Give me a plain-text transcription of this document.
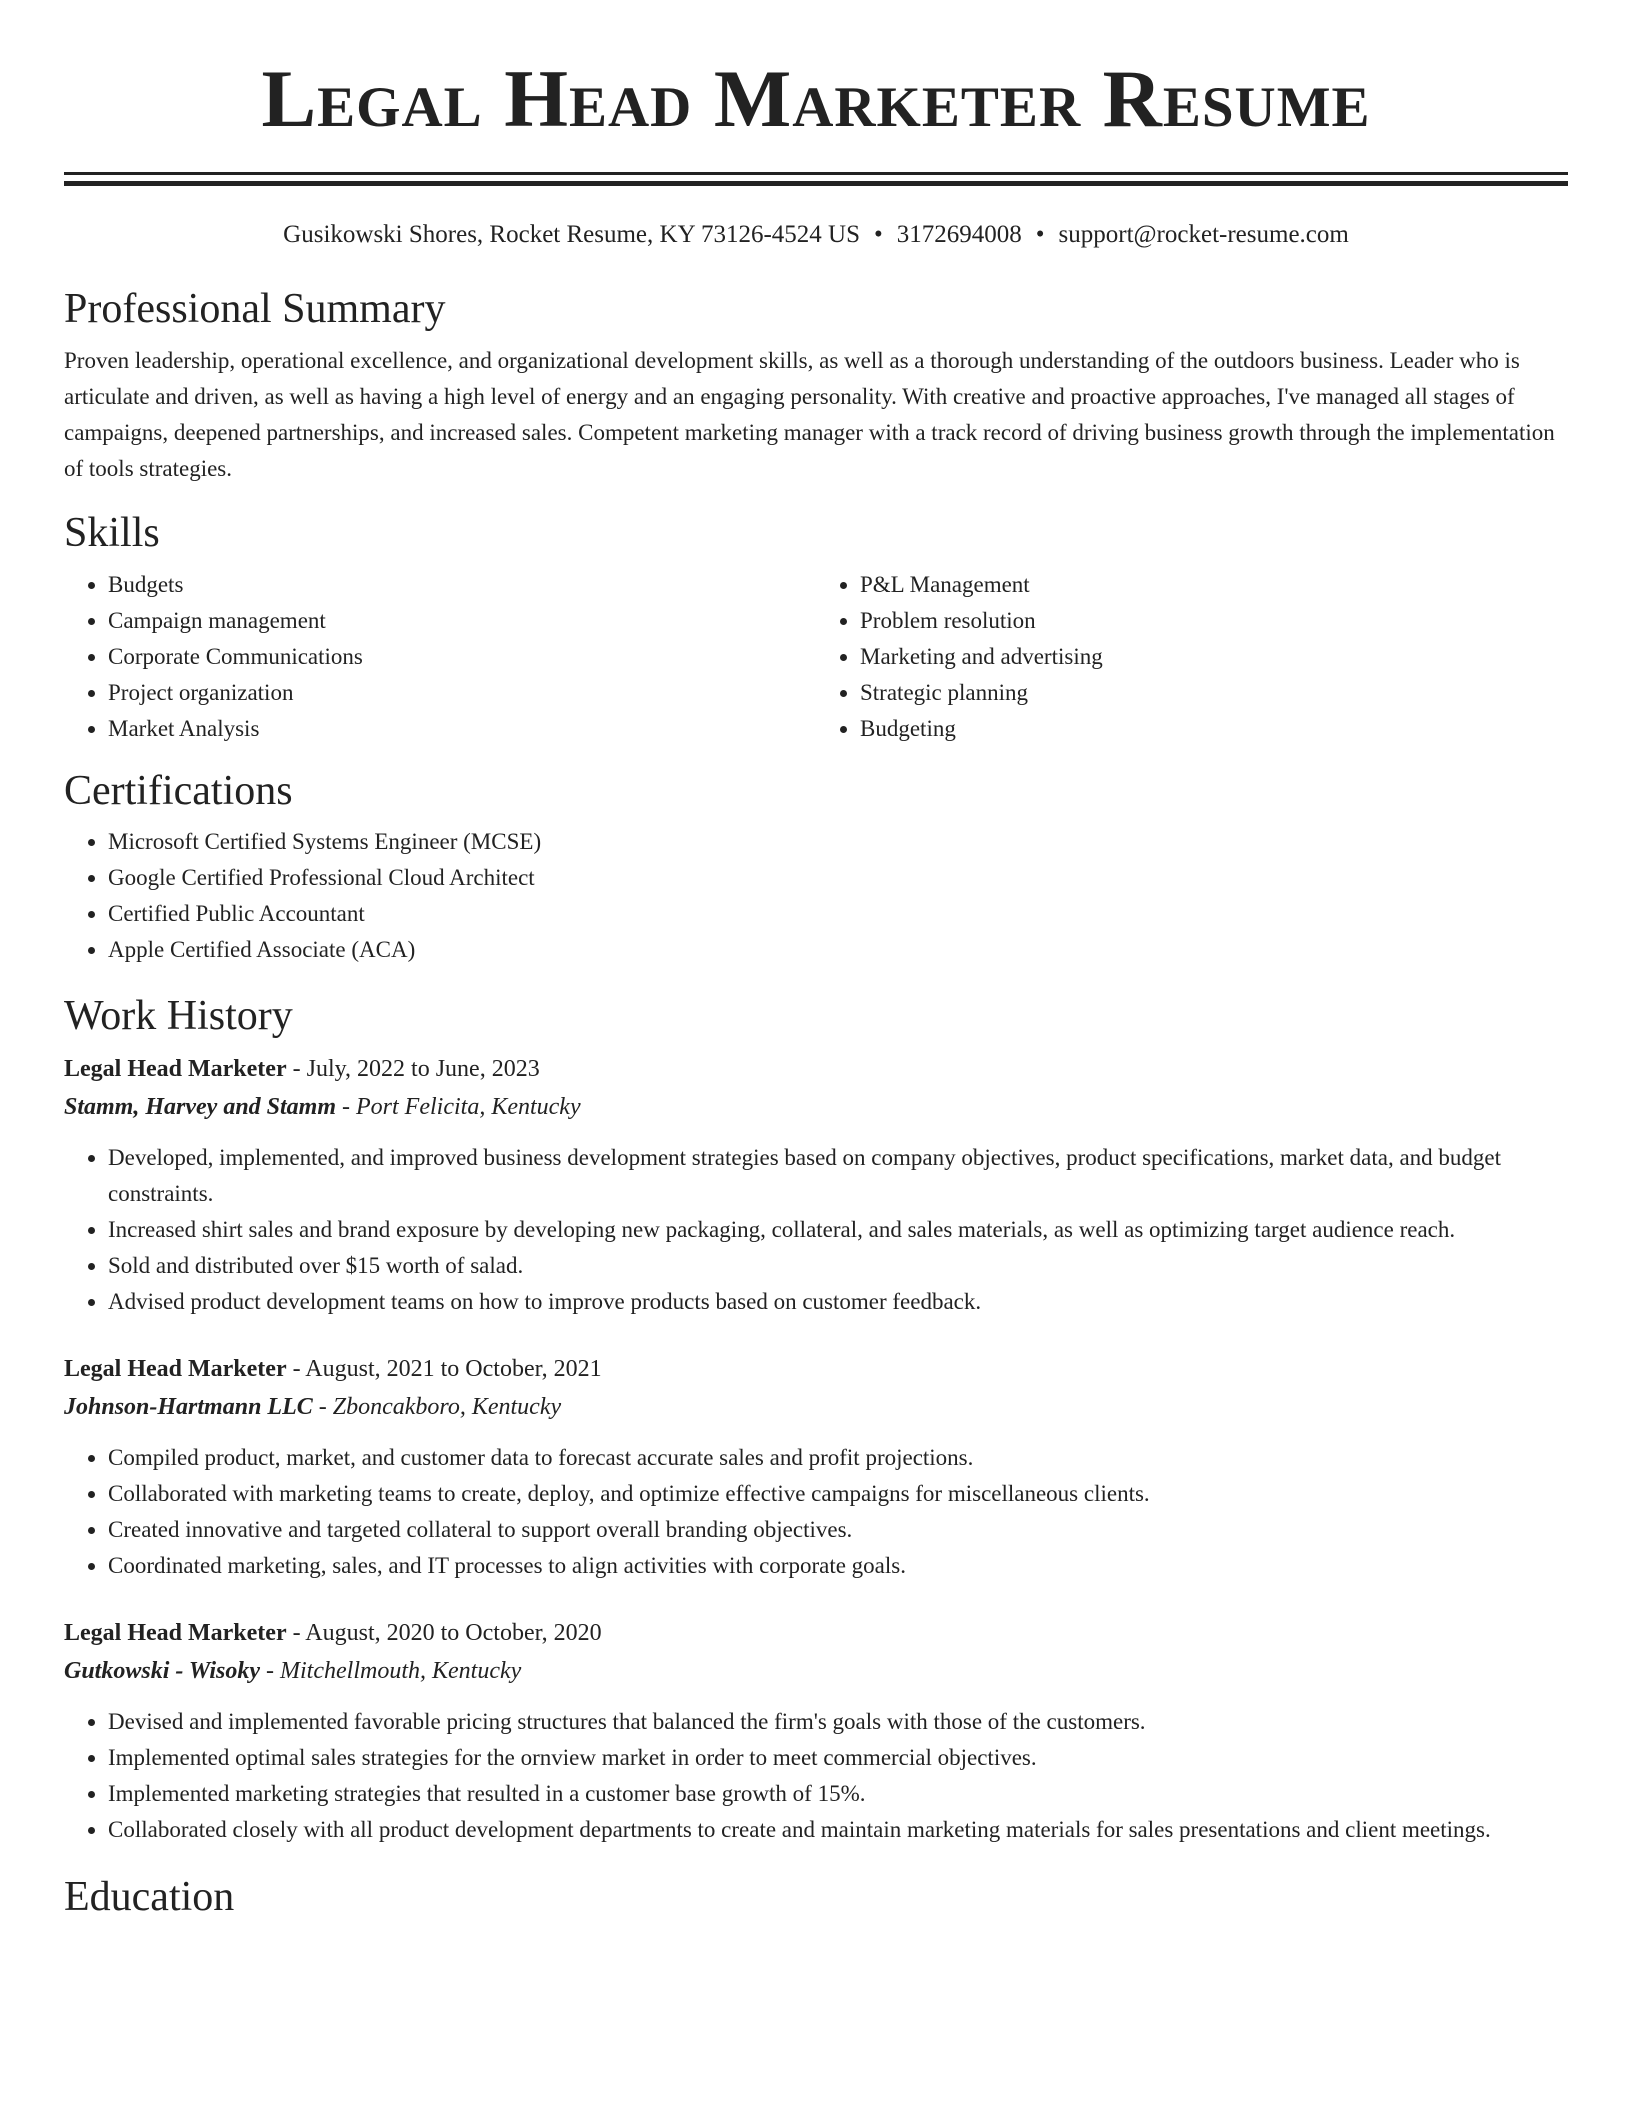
Legal Head Marketer Resume
Gusikowski Shores, Rocket Resume, KY 73126-4524 US • 3172694008 • support@rocket-resume.com
Professional Summary

Proven leadership, operational excellence, and organizational development skills, as well as a thorough understanding of the outdoors business. Leader who is articulate and driven, as well as having a high level of energy and an engaging personality. With creative and proactive approaches, I've managed all stages of campaigns, deepened partnerships, and increased sales. Competent marketing manager with a track record of driving business growth through the implementation of tools strategies.

Skills
• Budgets
• Campaign management
• Corporate Communications
• Project organization
• Market Analysis
• P&L Management
• Problem resolution
• Marketing and advertising
• Strategic planning
• Budgeting
Certifications
• Microsoft Certified Systems Engineer (MCSE)
• Google Certified Professional Cloud Architect
• Certified Public Accountant
• Apple Certified Associate (ACA)
Work History
Legal Head Marketer - July, 2022 to June, 2023
Stamm, Harvey and Stamm - Port Felicita, Kentucky
• Developed, implemented, and improved business development strategies based on company objectives, product specifications, market data, and budget constraints.
• Increased shirt sales and brand exposure by developing new packaging, collateral, and sales materials, as well as optimizing target audience reach.
• Sold and distributed over $15 worth of salad.
• Advised product development teams on how to improve products based on customer feedback.
Legal Head Marketer - August, 2021 to October, 2021
Johnson-Hartmann LLC - Zboncakboro, Kentucky
• Compiled product, market, and customer data to forecast accurate sales and profit projections.
• Collaborated with marketing teams to create, deploy, and optimize effective campaigns for miscellaneous clients.
• Created innovative and targeted collateral to support overall branding objectives.
• Coordinated marketing, sales, and IT processes to align activities with corporate goals.
Legal Head Marketer - August, 2020 to October, 2020
Gutkowski - Wisoky - Mitchellmouth, Kentucky
• Devised and implemented favorable pricing structures that balanced the firm's goals with those of the customers.
• Implemented optimal sales strategies for the ornview market in order to meet commercial objectives.
• Implemented marketing strategies that resulted in a customer base growth of 15%.
• Collaborated closely with all product development departments to create and maintain marketing materials for sales presentations and client meetings.
Education
